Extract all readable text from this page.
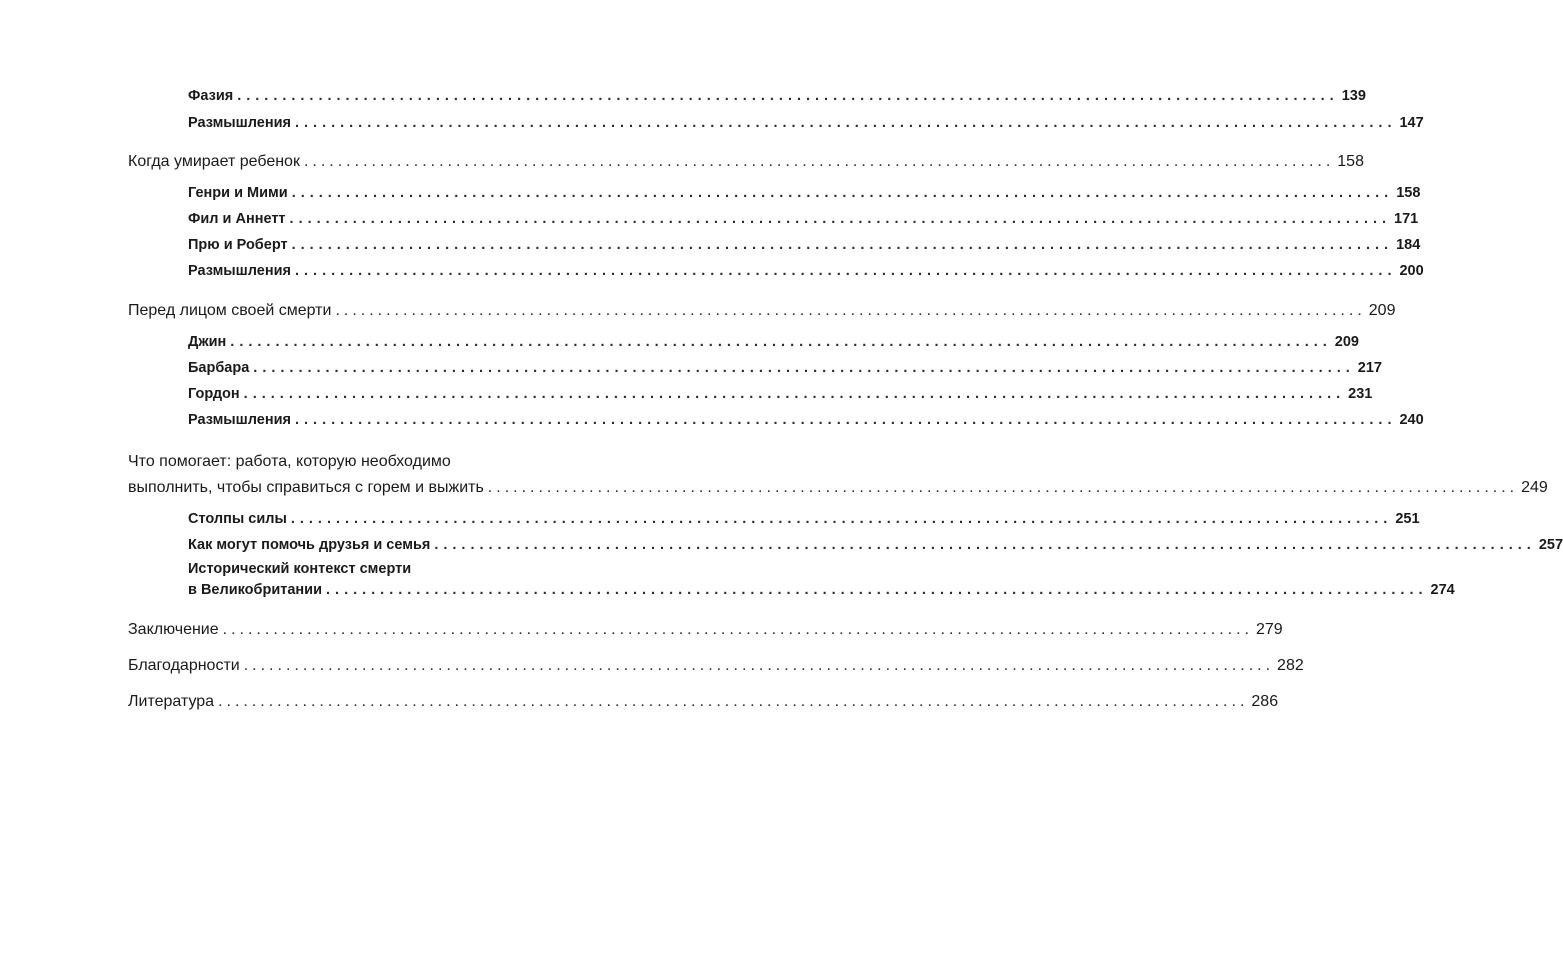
Фазия .......................................................................................................................... 139
Размышления .......................................................................................................................... 147
Когда умирает ребенок .......................................................................................................................... 158
Генри и Мими .......................................................................................................................... 158
Фил и Аннетт .......................................................................................................................... 171
Прю и Роберт .......................................................................................................................... 184
Размышления .......................................................................................................................... 200
Перед лицом своей смерти .......................................................................................................................... 209
Джин .......................................................................................................................... 209
Барбара .......................................................................................................................... 217
Гордон .......................................................................................................................... 231
Размышления .......................................................................................................................... 240
Что помогает: работа, которую необходимо
выполнить, чтобы справиться с горем и выжить .......................................................................................................................... 249
Столпы силы .......................................................................................................................... 251
Как могут помочь друзья и семья .......................................................................................................................... 257
Исторический контекст смерти
в Великобритании .......................................................................................................................... 274
Заключение .......................................................................................................................... 279
Благодарности .......................................................................................................................... 282
Литература .......................................................................................................................... 286
